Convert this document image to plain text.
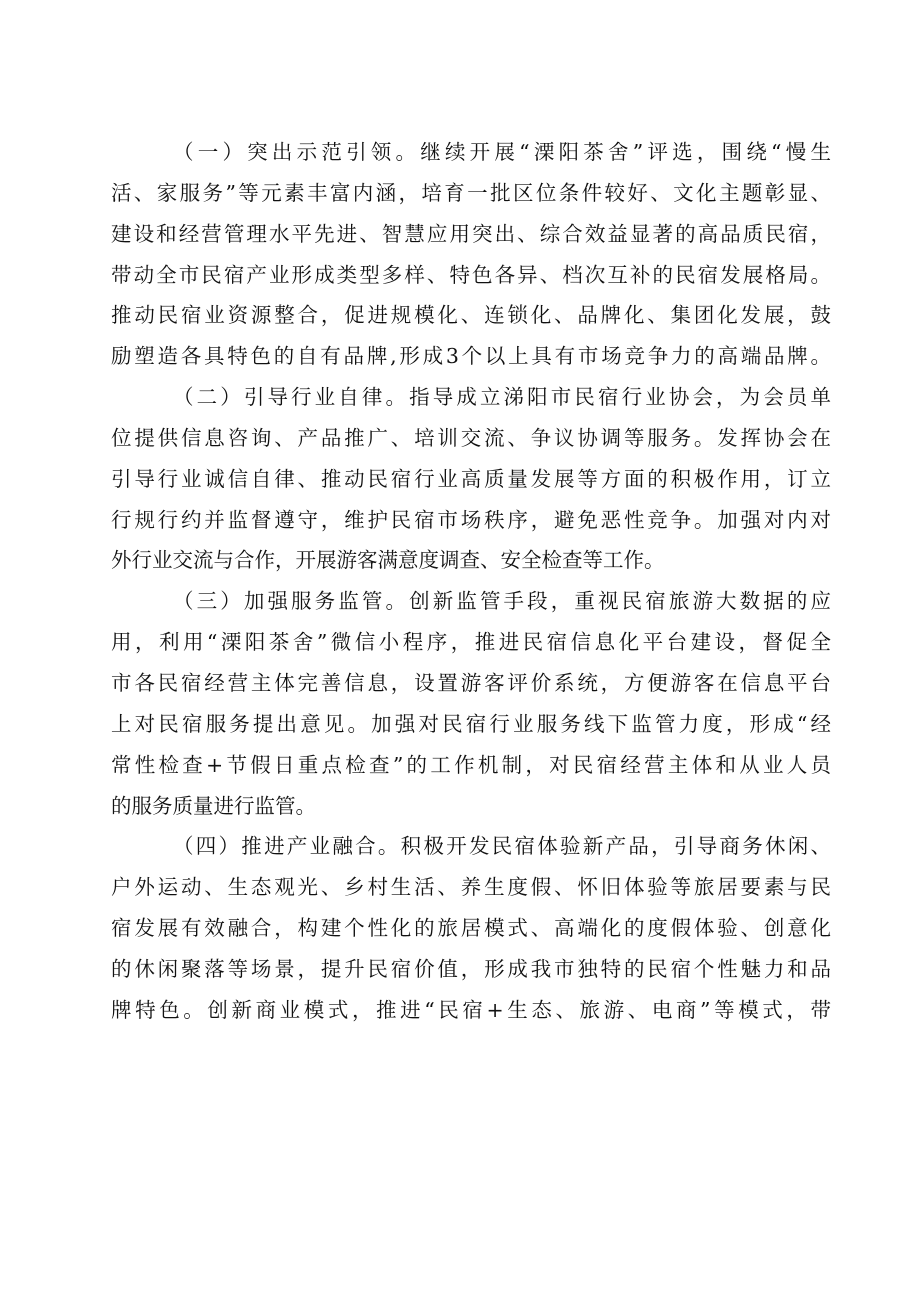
（一）突出示范引领。继续开展“溧阳茶舍”评选，围绕“慢生
活、家服务”等元素丰富内涵，培育一批区位条件较好、文化主题彰显、
建设和经营管理水平先进、智慧应用突出、综合效益显著的高品质民宿，
带动全市民宿产业形成类型多样、特色各异、档次互补的民宿发展格局。
推动民宿业资源整合，促进规模化、连锁化、品牌化、集团化发展，鼓
励塑造各具特色的自有品牌,形成3个以上具有市场竞争力的高端品牌。
（二）引导行业自律。指导成立涕阳市民宿行业协会，为会员单
位提供信息咨询、产品推广、培训交流、争议协调等服务。发挥协会在
引导行业诚信自律、推动民宿行业高质量发展等方面的积极作用，订立
行规行约并监督遵守，维护民宿市场秩序，避免恶性竞争。加强对内对
外行业交流与合作，开展游客满意度调查、安全检查等工作。
（三）加强服务监管。创新监管手段，重视民宿旅游大数据的应
用，利用“溧阳茶舍”微信小程序，推进民宿信息化平台建设，督促全
市各民宿经营主体完善信息，设置游客评价系统，方便游客在信息平台
上对民宿服务提出意见。加强对民宿行业服务线下监管力度，形成“经
常性检查+节假日重点检查”的工作机制，对民宿经营主体和从业人员
的服务质量进行监管。
（四）推进产业融合。积极开发民宿体验新产品，引导商务休闲、
户外运动、生态观光、乡村生活、养生度假、怀旧体验等旅居要素与民
宿发展有效融合，构建个性化的旅居模式、高端化的度假体验、创意化
的休闲聚落等场景，提升民宿价值，形成我市独特的民宿个性魅力和品
牌特色。创新商业模式，推进“民宿+生态、旅游、电商”等模式，带
